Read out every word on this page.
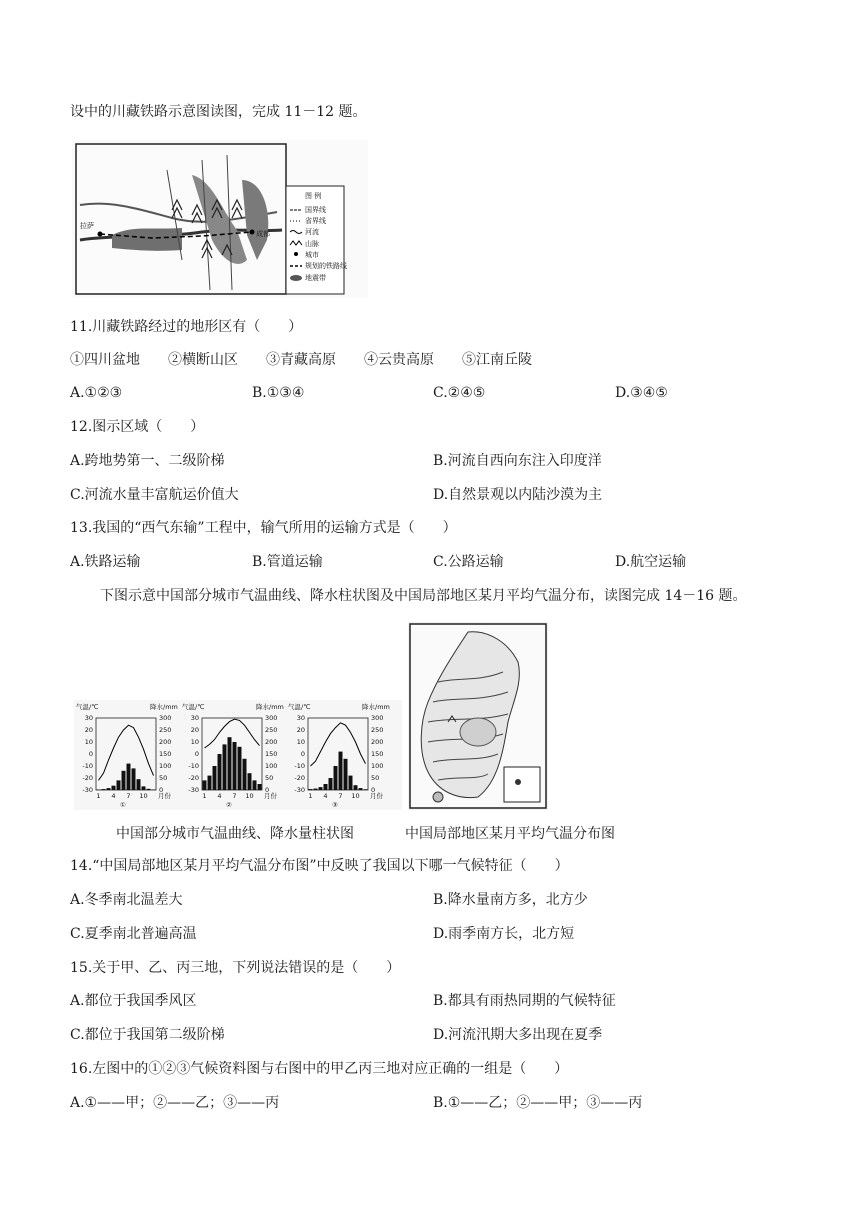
设中的川藏铁路示意图读图，完成 11－12 题。
拉萨
成都
图 例
国界线
省界线
河流
山脉
城市
规划的铁路线
地震带
11.川藏铁路经过的地形区有（　　）
①四川盆地　　②横断山区　　③青藏高原　　④云贵高原　　⑤江南丘陵
A.①②③	B.①③④	C.②④⑤	D.③④⑤
12.图示区域（　　）
A.跨地势第一、二级阶梯	B.河流自西向东注入印度洋
C.河流水量丰富航运价值大	D.自然景观以内陆沙漠为主
13.我国的“西气东输”工程中，输气所用的运输方式是（　　）
A.铁路运输	B.管道运输	C.公路运输	D.航空运输
下图示意中国部分城市气温曲线、降水柱状图及中国局部地区某月平均气温分布，读图完成 14－16 题。
气温/℃	降水/mm
30	300
20	250
10	200
0	150
-10	100
-20	50
-30	0
1 4 7 10 月份
①
气温/℃	降水/mm
30	300
20	250
10	200
0	150
-10	100
-20	50
-30	0
1 4 7 10 月份
②
气温/℃	降水/mm
30	300
20	250
10	200
0	150
-10	100
-20	50
-30	0
1 4 7 10 月份
③
中国部分城市气温曲线、降水量柱状图	中国局部地区某月平均气温分布图
14.“中国局部地区某月平均气温分布图”中反映了我国以下哪一气候特征（　　）
A.冬季南北温差大	B.降水量南方多，北方少
C.夏季南北普遍高温	D.雨季南方长，北方短
15.关于甲、乙、丙三地，下列说法错误的是（　　）
A.都位于我国季风区	B.都具有雨热同期的气候特征
C.都位于我国第二级阶梯	D.河流汛期大多出现在夏季
16.左图中的①②③气候资料图与右图中的甲乙丙三地对应正确的一组是（　　）
A.①——甲；②——乙；③——丙	B.①——乙；②——甲；③——丙
